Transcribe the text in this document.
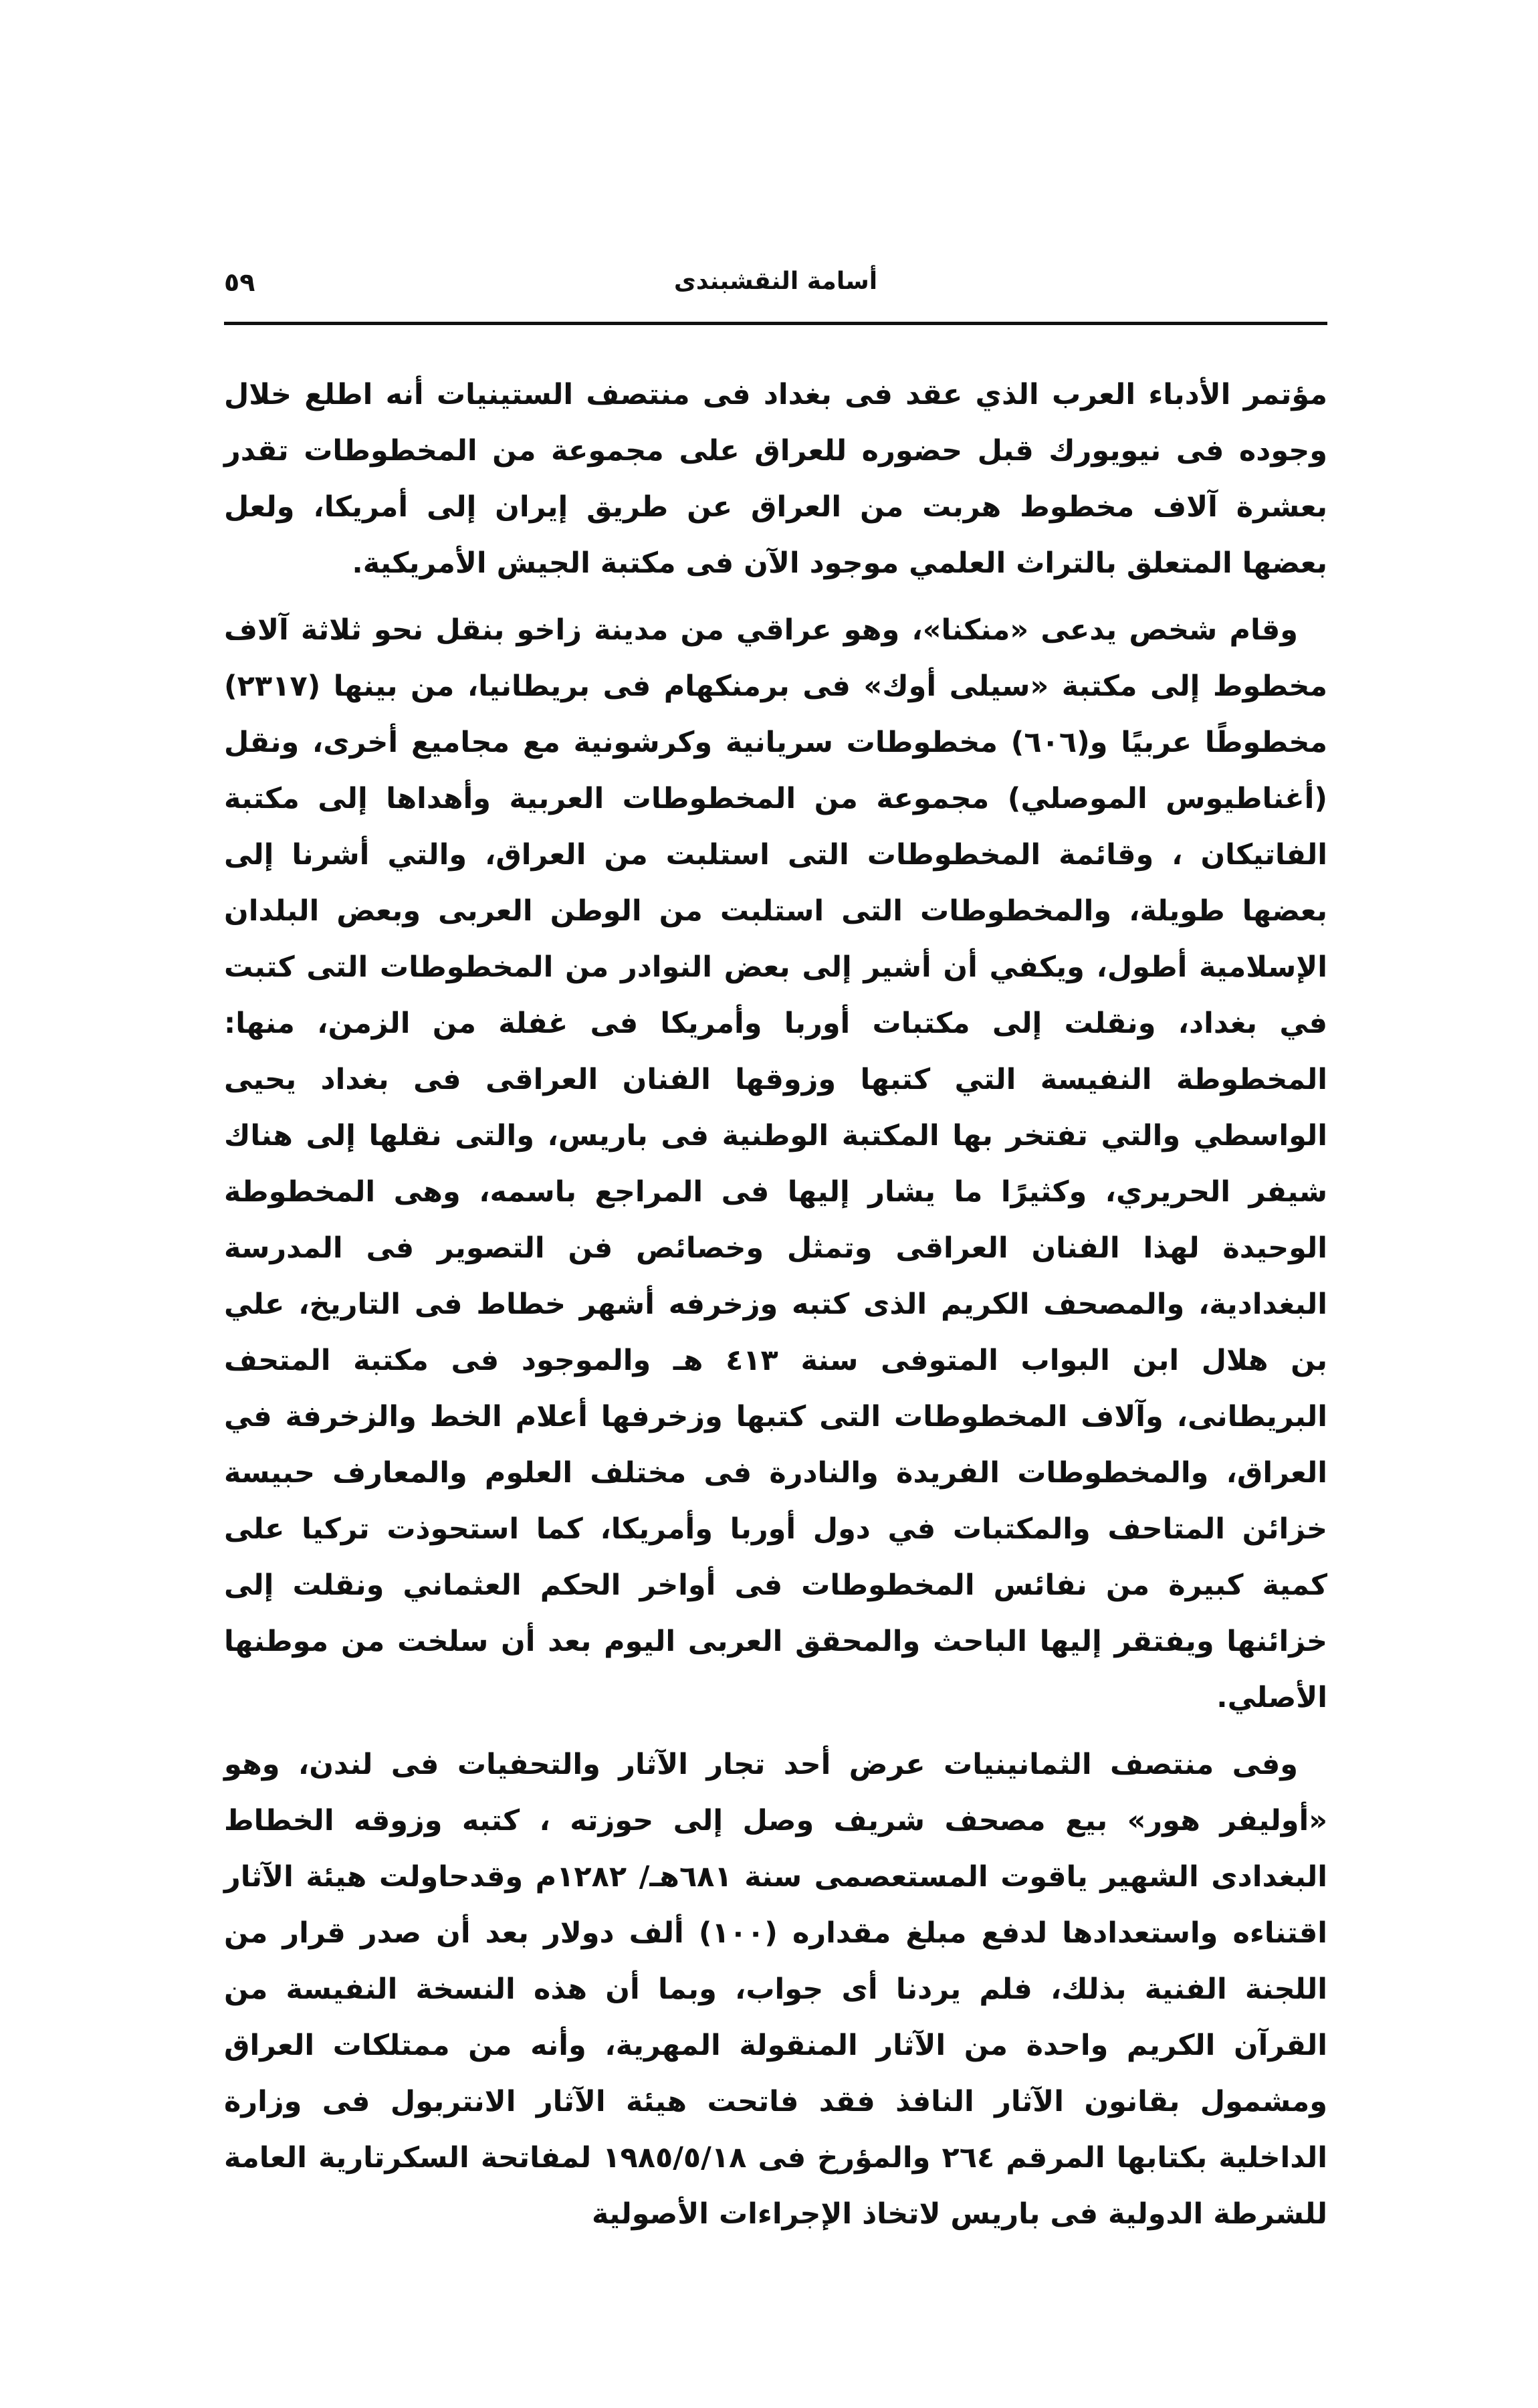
٥٩	أسامة النقشبندى

مؤتمر الأدباء العرب الذي عقد فى بغداد فى منتصف الستينيات أنه اطلع خلال وجوده فى نيويورك قبل حضوره للعراق على مجموعة من المخطوطات تقدر بعشرة آلاف مخطوط هربت من العراق عن طريق إيران إلى أمريكا، ولعل بعضها المتعلق بالتراث العلمي موجود الآن فى مكتبة الجيش الأمريكية.

وقام شخص يدعى «منكنا»، وهو عراقي من مدينة زاخو بنقل نحو ثلاثة آلاف مخطوط إلى مكتبة «سيلى أوك» فى برمنكهام فى بريطانيا، من بينها (٢٣١٧) مخطوطًا عربيًا و(٦٠٦) مخطوطات سريانية وكرشونية مع مجاميع أخرى، ونقل (أغناطيوس الموصلي) مجموعة من المخطوطات العربية وأهداها إلى مكتبة الفاتيكان ، وقائمة المخطوطات التى استلبت من العراق، والتي أشرنا إلى بعضها طويلة، والمخطوطات التى استلبت من الوطن العربى وبعض البلدان الإسلامية أطول، ويكفي أن أشير إلى بعض النوادر من المخطوطات التى كتبت في بغداد، ونقلت إلى مكتبات أوربا وأمريكا فى غفلة من الزمن، منها: المخطوطة النفيسة التي كتبها وزوقها الفنان العراقى فى بغداد يحيى الواسطي والتي تفتخر بها المكتبة الوطنية فى باريس، والتى نقلها إلى هناك شيفر الحريري، وكثيرًا ما يشار إليها فى المراجع باسمه، وهى المخطوطة الوحيدة لهذا الفنان العراقى وتمثل وخصائص فن التصوير فى المدرسة البغدادية، والمصحف الكريم الذى كتبه وزخرفه أشهر خطاط فى التاريخ، علي بن هلال ابن البواب المتوفى سنة ٤١٣ هـ والموجود فى مكتبة المتحف البريطانى، وآلاف المخطوطات التى كتبها وزخرفها أعلام الخط والزخرفة في العراق، والمخطوطات الفريدة والنادرة فى مختلف العلوم والمعارف حبيسة خزائن المتاحف والمكتبات في دول أوربا وأمريكا، كما استحوذت تركيا على كمية كبيرة من نفائس المخطوطات فى أواخر الحكم العثماني ونقلت إلى خزائنها ويفتقر إليها الباحث والمحقق العربى اليوم بعد أن سلخت من موطنها الأصلي.

وفى منتصف الثمانينيات عرض أحد تجار الآثار والتحفيات فى لندن، وهو «أوليفر هور» بيع مصحف شريف وصل إلى حوزته ، كتبه وزوقه الخطاط البغدادى الشهير ياقوت المستعصمى سنة ٦٨١هـ/ ١٢٨٢م وقدحاولت هيئة الآثار اقتناءه واستعدادها لدفع مبلغ مقداره (١٠٠) ألف دولار بعد أن صدر قرار من اللجنة الفنية بذلك، فلم يردنا أى جواب، وبما أن هذه النسخة النفيسة من القرآن الكريم واحدة من الآثار المنقولة المهرية، وأنه من ممتلكات العراق ومشمول بقانون الآثار النافذ فقد فاتحت هيئة الآثار الانتربول فى وزارة الداخلية بكتابها المرقم ٢٦٤ والمؤرخ فى ١٩٨٥/٥/١٨ لمفاتحة السكرتارية العامة للشرطة الدولية فى باريس لاتخاذ الإجراءات الأصولية
